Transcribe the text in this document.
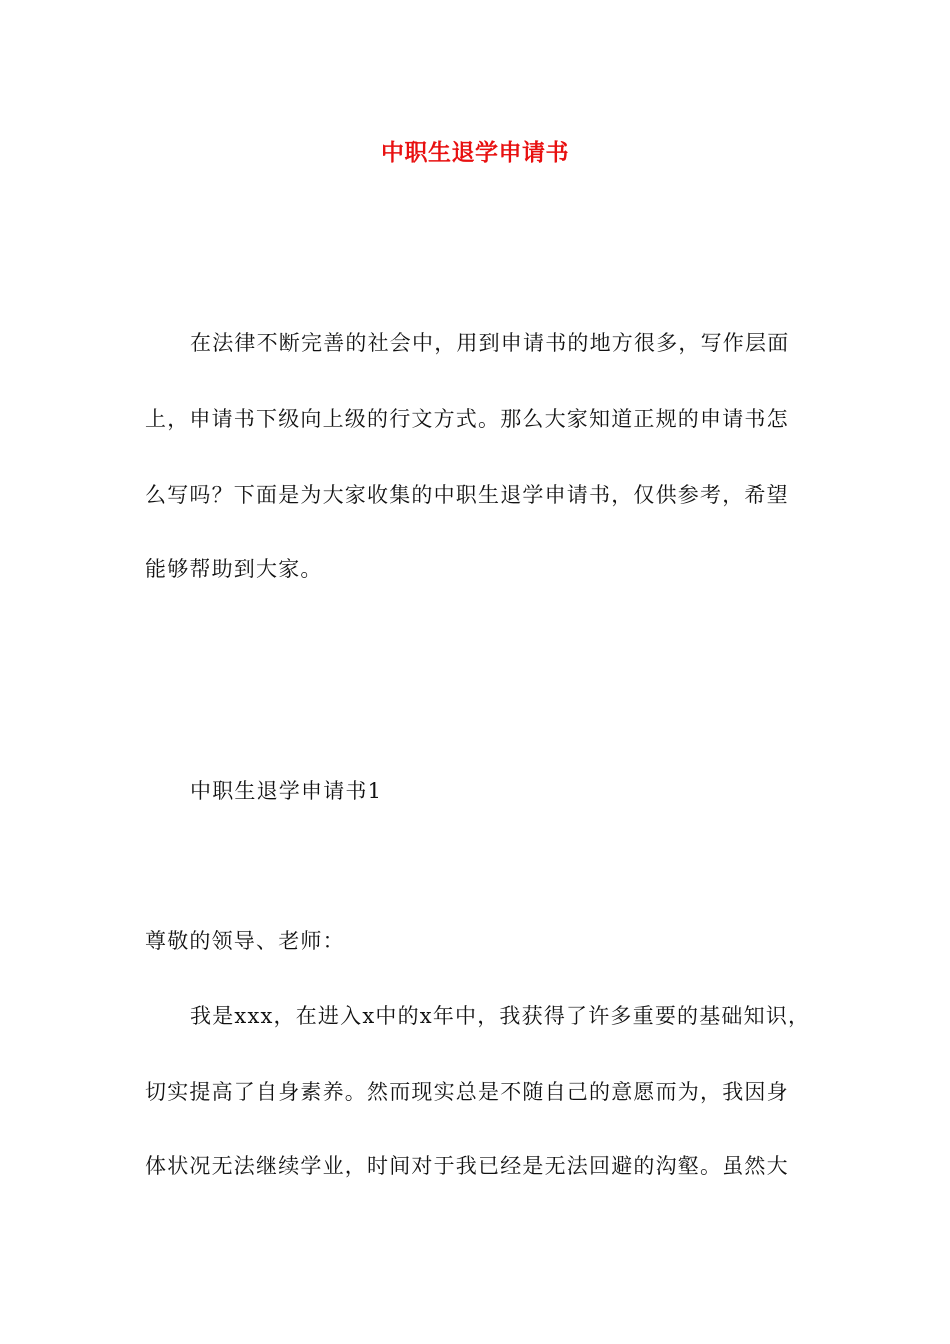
中职生退学申请书
在法律不断完善的社会中，用到申请书的地方很多，写作层面
上，申请书下级向上级的行文方式。那么大家知道正规的申请书怎
么写吗？下面是为大家收集的中职生退学申请书，仅供参考，希望
能够帮助到大家。
中职生退学申请书1
尊敬的领导、老师：
我是xxx，在进入x中的x年中，我获得了许多重要的基础知识，
切实提高了自身素养。然而现实总是不随自己的意愿而为，我因身
体状况无法继续学业，时间对于我已经是无法回避的沟壑。虽然大
